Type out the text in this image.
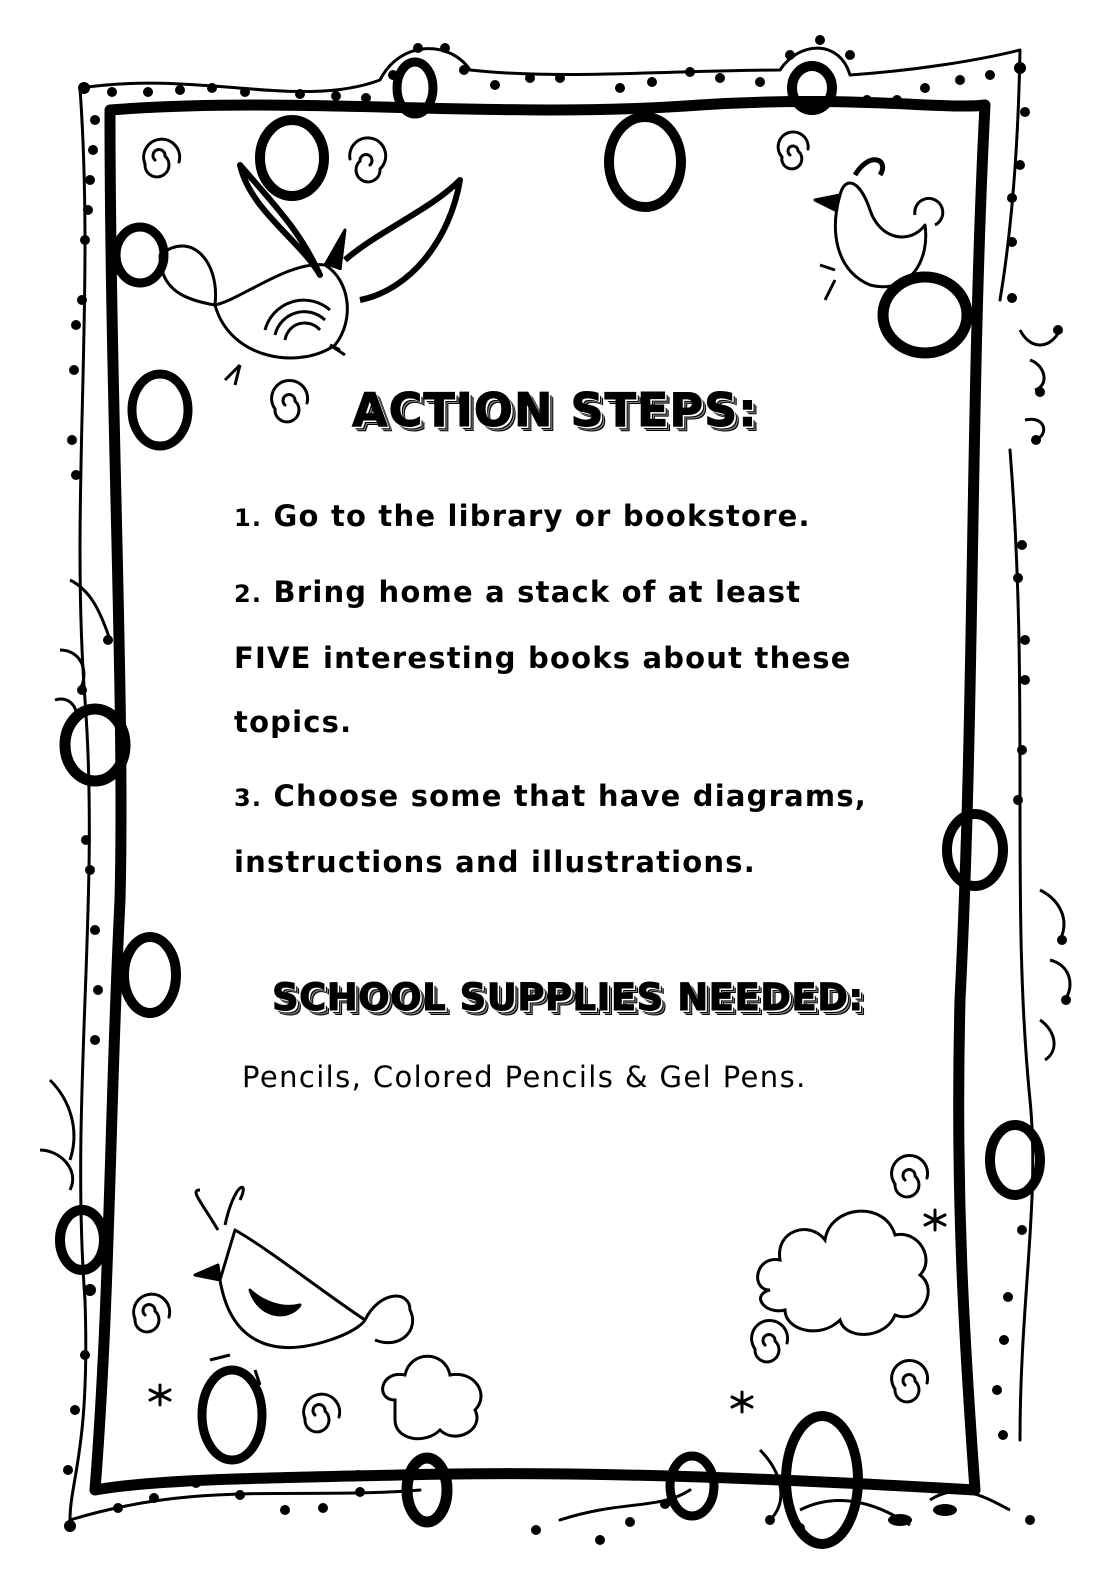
ACTION STEPS:
1. Go to the library or bookstore.
2. Bring home a stack of at least FIVE interesting books about these topics.
3. Choose some that have diagrams, instructions and illustrations.
SCHOOL SUPPLIES NEEDED:
Pencils, Colored Pencils & Gel Pens.
